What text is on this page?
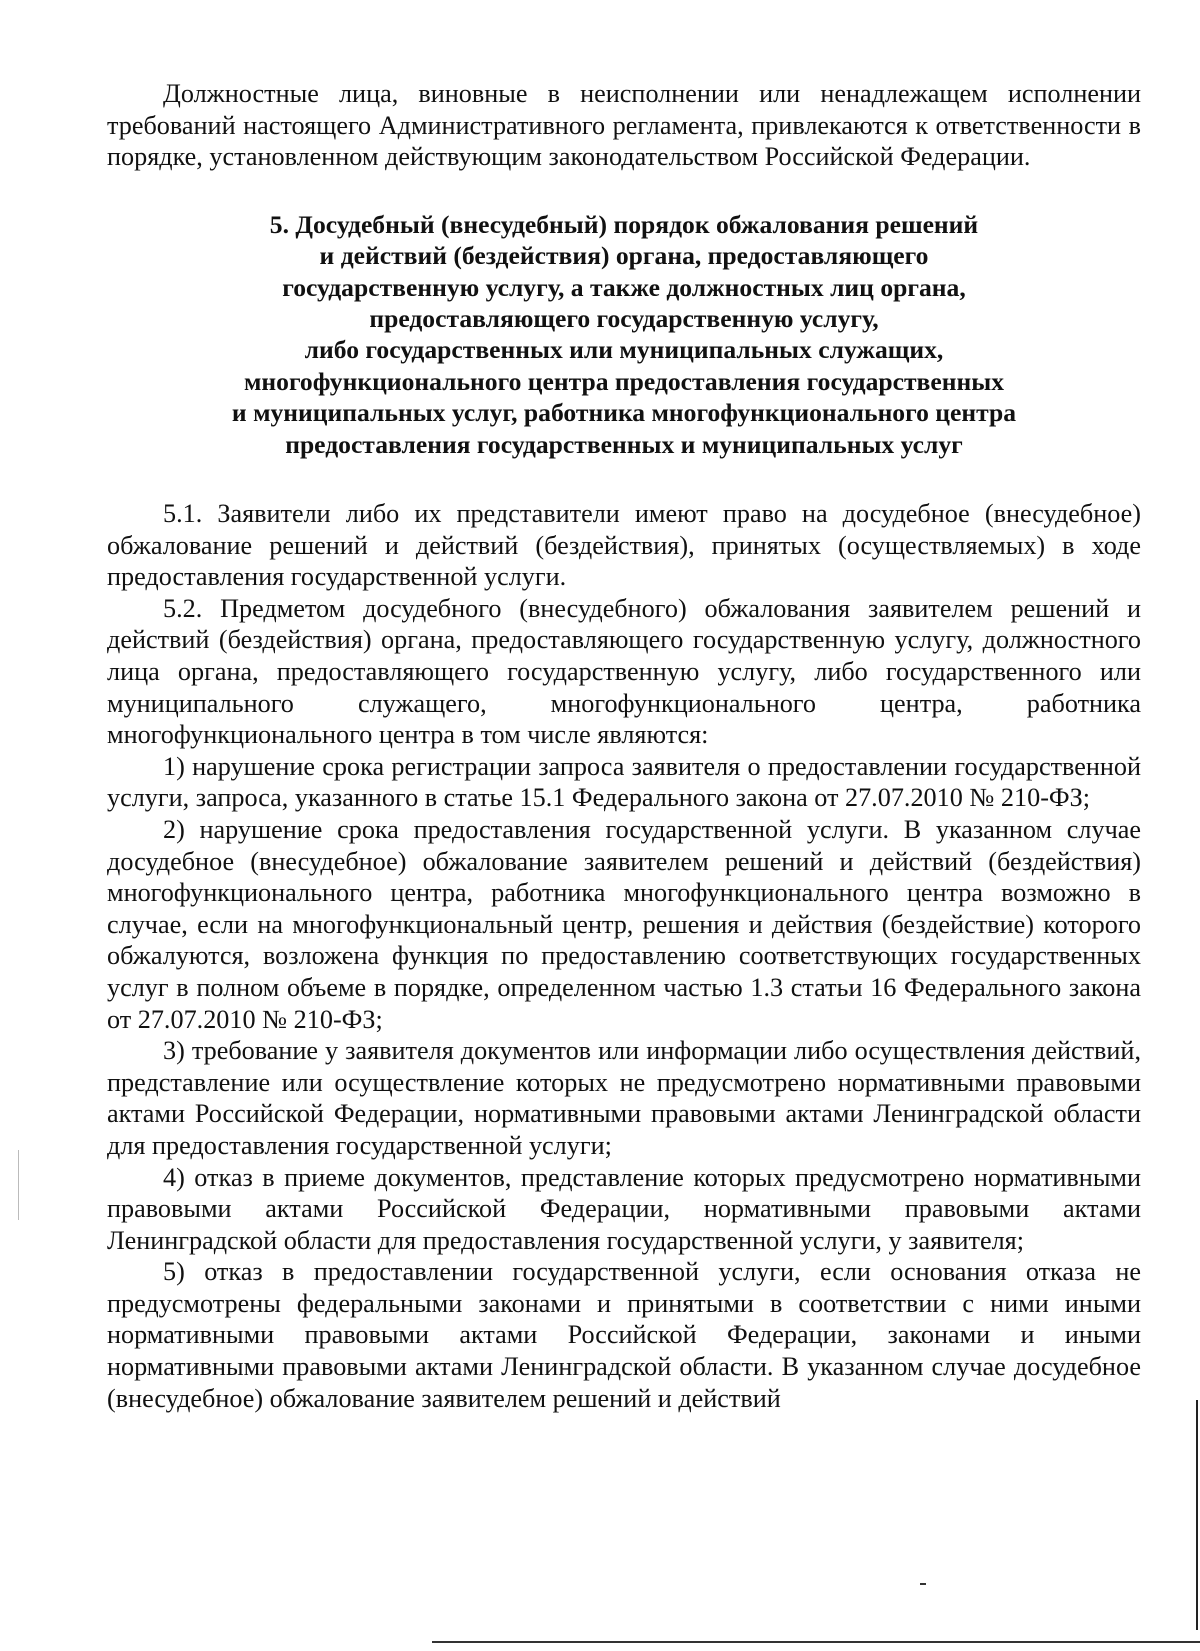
Должностные лица, виновные в неисполнении или ненадлежащем исполнении требований настоящего Административного регламента, привлекаются к ответственности в порядке, установленном действующим законодательством Российской Федерации.

5. Досудебный (внесудебный) порядок обжалования решений
и действий (бездействия) органа, предоставляющего
государственную услугу, а также должностных лиц органа,
предоставляющего государственную услугу,
либо государственных или муниципальных служащих,
многофункционального центра предоставления государственных
и муниципальных услуг, работника многофункционального центра
предоставления государственных и муниципальных услуг

5.1. Заявители либо их представители имеют право на досудебное (внесудебное) обжалование решений и действий (бездействия), принятых (осуществляемых) в ходе предоставления государственной услуги.

5.2. Предметом досудебного (внесудебного) обжалования заявителем решений и действий (бездействия) органа, предоставляющего государственную услугу, должностного лица органа, предоставляющего государственную услугу, либо государственного или муниципального служащего, многофункционального центра, работника многофункционального центра в том числе являются:

1) нарушение срока регистрации запроса заявителя о предоставлении государственной услуги, запроса, указанного в статье 15.1 Федерального закона от 27.07.2010 № 210-ФЗ;

2) нарушение срока предоставления государственной услуги. В указанном случае досудебное (внесудебное) обжалование заявителем решений и действий (бездействия) многофункционального центра, работника многофункционального центра возможно в случае, если на многофункциональный центр, решения и действия (бездействие) которого обжалуются, возложена функция по предоставлению соответствующих государственных услуг в полном объеме в порядке, определенном частью 1.3 статьи 16 Федерального закона от 27.07.2010 № 210-ФЗ;

3) требование у заявителя документов или информации либо осуществления действий, представление или осуществление которых не предусмотрено нормативными правовыми актами Российской Федерации, нормативными правовыми актами Ленинградской области для предоставления государственной услуги;

4) отказ в приеме документов, представление которых предусмотрено нормативными правовыми актами Российской Федерации, нормативными правовыми актами Ленинградской области для предоставления государственной услуги, у заявителя;

5) отказ в предоставлении государственной услуги, если основания отказа не предусмотрены федеральными законами и принятыми в соответствии с ними иными нормативными правовыми актами Российской Федерации, законами и иными нормативными правовыми актами Ленинградской области. В указанном случае досудебное (внесудебное) обжалование заявителем решений и действий
